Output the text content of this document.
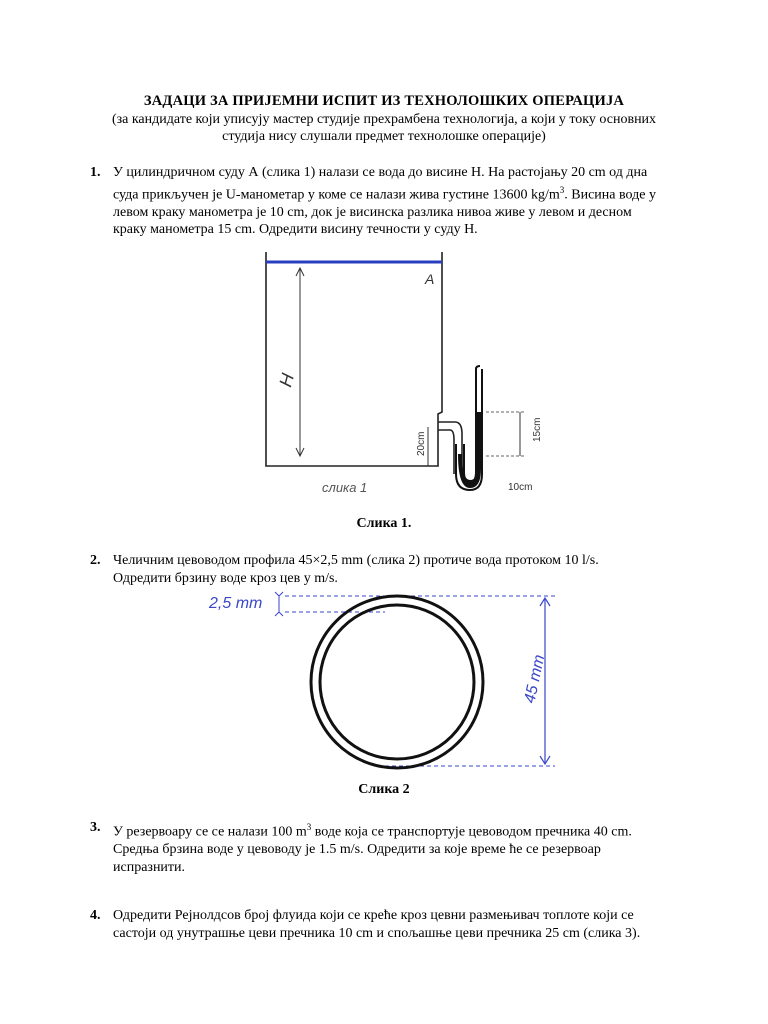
ЗАДАЦИ ЗА ПРИЈЕМНИ ИСПИТ ИЗ ТЕХНОЛОШКИХ ОПЕРАЦИЈА
(за кандидате који уписују мастер студије прехрамбена технологија, а који у току основних
студија нису слушали предмет технолошке операције)
1. У цилиндричном суду А (слика 1) налази се вода до висине Н. На растојању 20 cm од дна
суда прикључен је U-манометар у коме се налази жива густине 13600 $kg/m^3$. Висина воде у
левом краку манометра је 10 cm, док је висинска разлика нивоа живе у левом и десном
краку манометра 15 cm. Одредити висину течности у суду Н.
A
H
20cm
15cm
10cm
слика 1
Слика 1.
2. Челичним цевоводом профила 45×2,5 mm (слика 2) протиче вода протоком 10 l/s.
Одредити брзину воде кроз цев у m/s.
2,5 mm
45 mm
Слика 2
3. У резервоару се се налази 100 $m^3$ воде која се транспортује цевоводом пречника 40 cm.
Средња брзина воде у цевоводу је 1.5 m/s. Одредити за које време ће се резервоар
испразнити.
4. Одредити Рејнолдсов број флуида који се креће кроз цевни размењивач топлоте који се
састоји од унутрашње цеви пречника 10 cm и спољашње цеви пречника 25 cm (слика 3).
